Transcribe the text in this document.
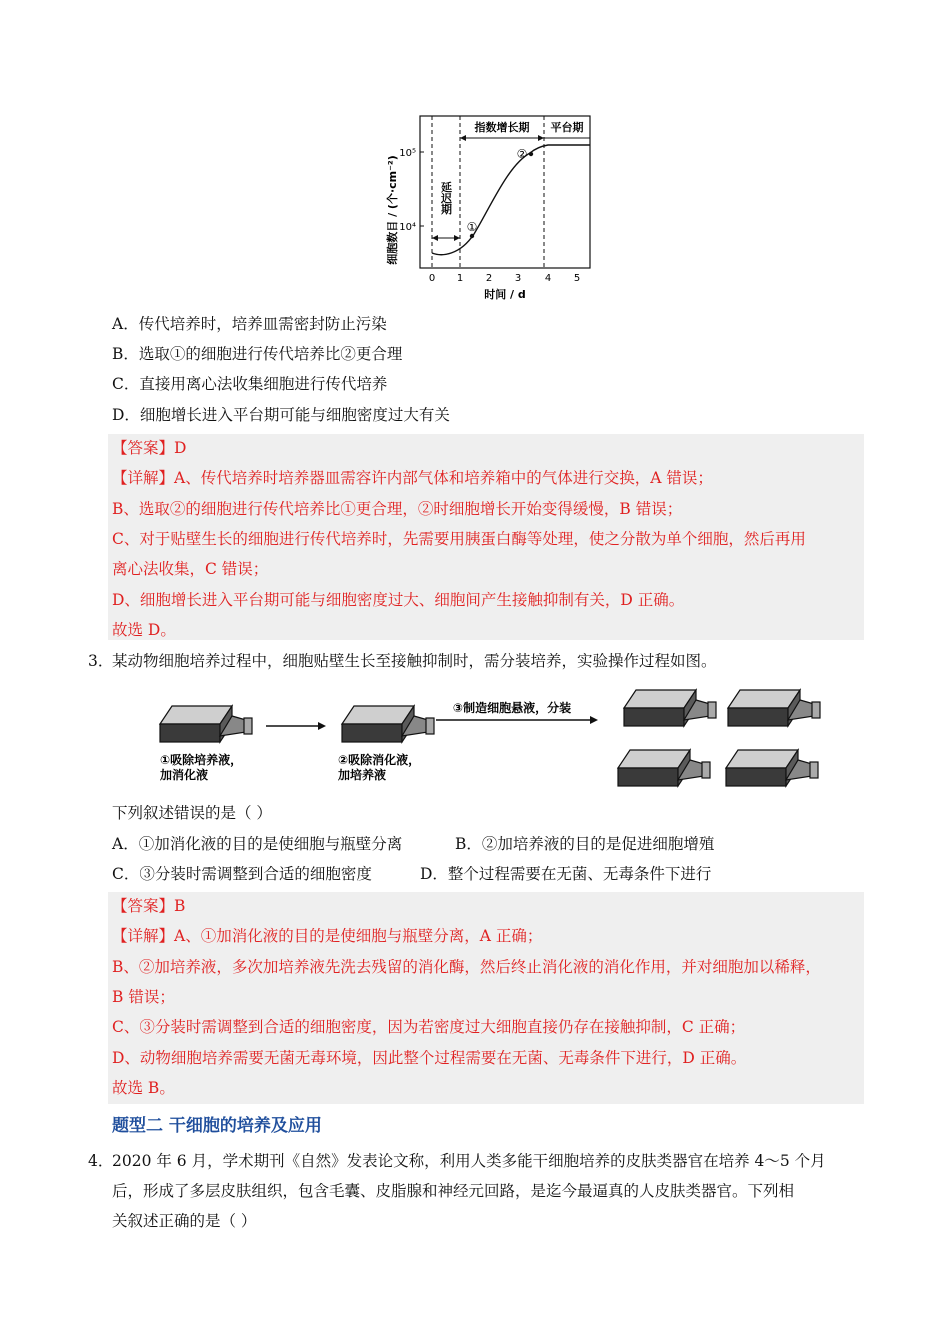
细胞数目 / (个·cm⁻²)
指数增长期 平台期
延迟期
10⁵
10⁴	①
②
0 1 2 3 4 5
时间 / d
A．传代培养时，培养皿需密封防止污染
B．选取①的细胞进行传代培养比②更合理
C．直接用离心法收集细胞进行传代培养
D．细胞增长进入平台期可能与细胞密度过大有关
【答案】D
【详解】A、传代培养时培养器皿需容许内部气体和培养箱中的气体进行交换，A 错误；
B、选取②的细胞进行传代培养比①更合理，②时细胞增长开始变得缓慢，B 错误；
C、对于贴壁生长的细胞进行传代培养时，先需要用胰蛋白酶等处理，使之分散为单个细胞，然后再用
离心法收集，C 错误；
D、细胞增长进入平台期可能与细胞密度过大、细胞间产生接触抑制有关，D 正确。
故选 D。
3．
某动物细胞培养过程中，细胞贴壁生长至接触抑制时，需分装培养，实验操作过程如图。
③制造细胞悬液，分装
①吸除培养液，
加消化液
②吸除消化液，
加培养液
下列叙述错误的是（ ）
A．①加消化液的目的是使细胞与瓶壁分离	B．②加培养液的目的是促进细胞增殖
C．③分装时需调整到合适的细胞密度	D．整个过程需要在无菌、无毒条件下进行
【答案】B
【详解】A、①加消化液的目的是使细胞与瓶壁分离，A 正确；
B、②加培养液，多次加培养液先洗去残留的消化酶，然后终止消化液的消化作用，并对细胞加以稀释，
B 错误；
C、③分装时需调整到合适的细胞密度，因为若密度过大细胞直接仍存在接触抑制，C 正确；
D、动物细胞培养需要无菌无毒环境，因此整个过程需要在无菌、无毒条件下进行，D 正确。
故选 B。
题型二 干细胞的培养及应用
4．
2020 年 6 月，学术期刊《自然》发表论文称，利用人类多能干细胞培养的皮肤类器官在培养 4～5 个月
后，形成了多层皮肤组织，包含毛囊、皮脂腺和神经元回路，是迄今最逼真的人皮肤类器官。下列相
关叙述正确的是（ ）
